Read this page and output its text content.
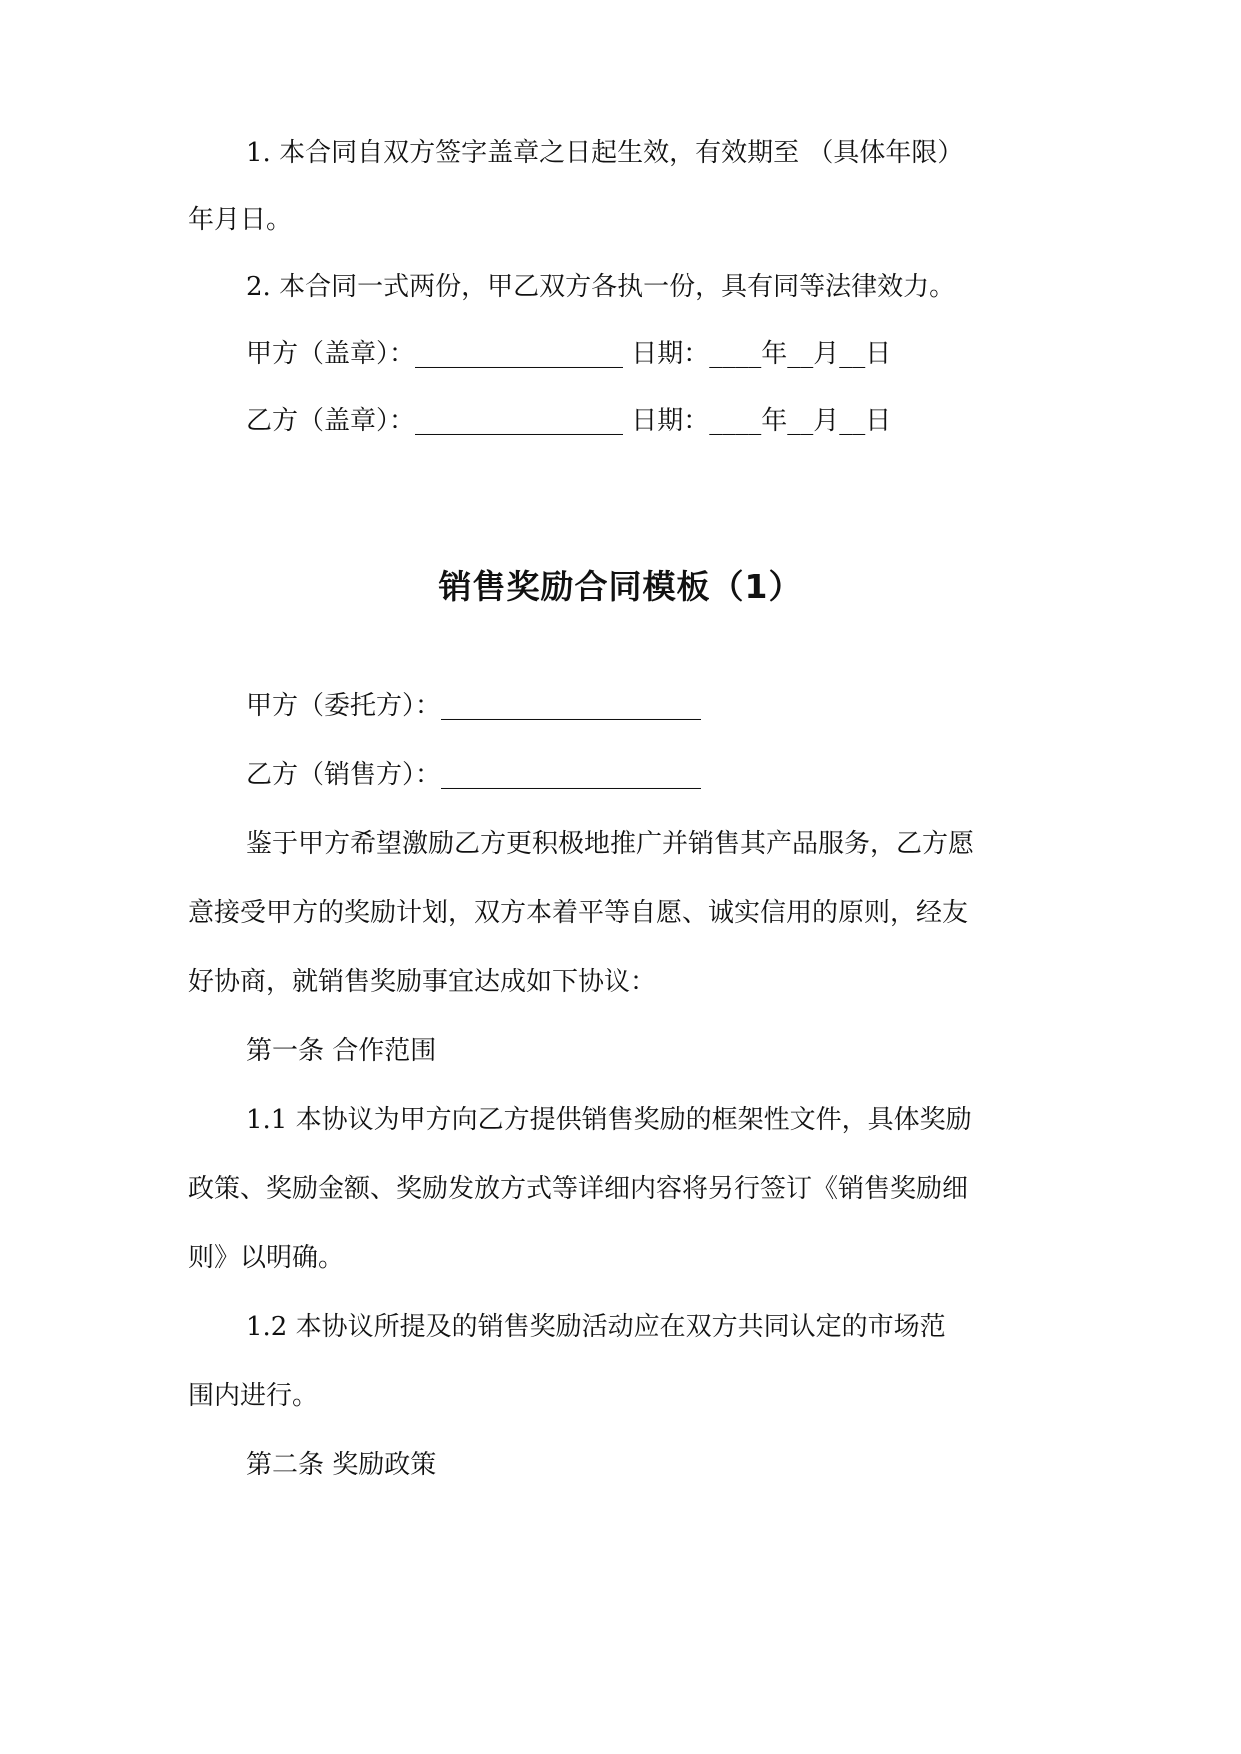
1. 本合同自双方签字盖章之日起生效，有效期至 （具体年限）
年月日。
2. 本合同一式两份，甲乙双方各执一份，具有同等法律效力。
甲方（盖章）：________________ 日期：____年__月__日
乙方（盖章）：________________ 日期：____年__月__日
销售奖励合同模板（1）
甲方（委托方）：____________________
乙方（销售方）：____________________
鉴于甲方希望激励乙方更积极地推广并销售其产品服务，乙方愿
意接受甲方的奖励计划，双方本着平等自愿、诚实信用的原则，经友
好协商，就销售奖励事宜达成如下协议：
第一条 合作范围
1.1 本协议为甲方向乙方提供销售奖励的框架性文件，具体奖励
政策、奖励金额、奖励发放方式等详细内容将另行签订《销售奖励细
则》以明确。
1.2 本协议所提及的销售奖励活动应在双方共同认定的市场范
围内进行。
第二条 奖励政策
